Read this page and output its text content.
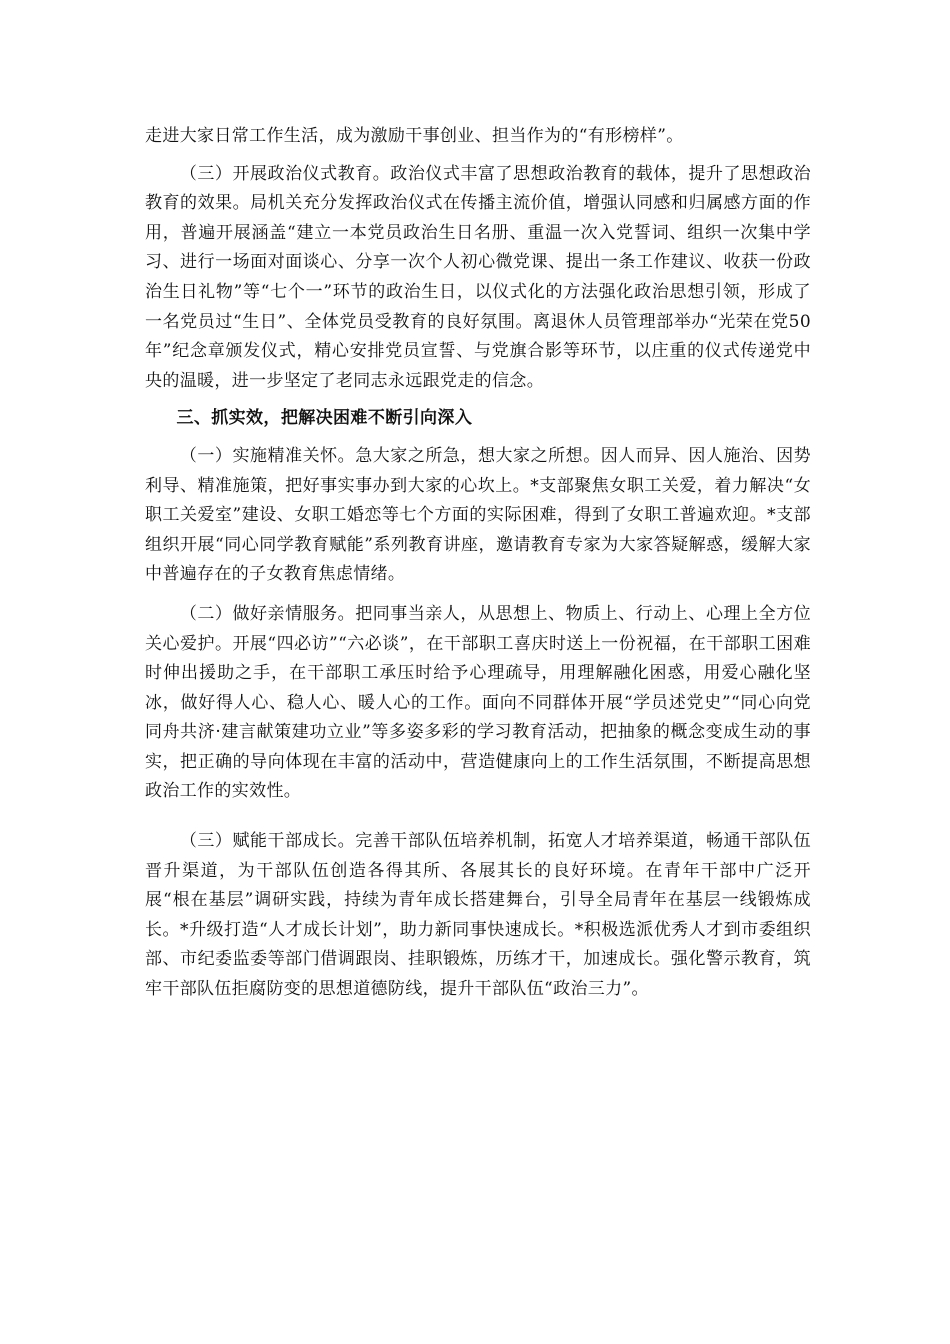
走进大家日常工作生活，成为激励干事创业、担当作为的“有形榜样”。

（三）开展政治仪式教育。政治仪式丰富了思想政治教育的载体，提升了思想政治教育的效果。局机关充分发挥政治仪式在传播主流价值，增强认同感和归属感方面的作用，普遍开展涵盖“建立一本党员政治生日名册、重温一次入党誓词、组织一次集中学习、进行一场面对面谈心、分享一次个人初心微党课、提出一条工作建议、收获一份政治生日礼物”等“七个一”环节的政治生日，以仪式化的方法强化政治思想引领，形成了一名党员过“生日”、全体党员受教育的良好氛围。离退休人员管理部举办“光荣在党50年”纪念章颁发仪式，精心安排党员宣誓、与党旗合影等环节，以庄重的仪式传递党中央的温暖，进一步坚定了老同志永远跟党走的信念。

三、抓实效，把解决困难不断引向深入

（一）实施精准关怀。急大家之所急，想大家之所想。因人而异、因人施治、因势利导、精准施策，把好事实事办到大家的心坎上。*支部聚焦女职工关爱，着力解决“女职工关爱室”建设、女职工婚恋等七个方面的实际困难，得到了女职工普遍欢迎。*支部组织开展“同心同学教育赋能”系列教育讲座，邀请教育专家为大家答疑解惑，缓解大家中普遍存在的子女教育焦虑情绪。

（二）做好亲情服务。把同事当亲人，从思想上、物质上、行动上、心理上全方位关心爱护。开展“四必访”“六必谈”，在干部职工喜庆时送上一份祝福，在干部职工困难时伸出援助之手，在干部职工承压时给予心理疏导，用理解融化困惑，用爱心融化坚冰，做好得人心、稳人心、暖人心的工作。面向不同群体开展“学员述党史”“同心向党同舟共济·建言献策建功立业”等多姿多彩的学习教育活动，把抽象的概念变成生动的事实，把正确的导向体现在丰富的活动中，营造健康向上的工作生活氛围，不断提高思想政治工作的实效性。

（三）赋能干部成长。完善干部队伍培养机制，拓宽人才培养渠道，畅通干部队伍晋升渠道，为干部队伍创造各得其所、各展其长的良好环境。在青年干部中广泛开展“根在基层”调研实践，持续为青年成长搭建舞台，引导全局青年在基层一线锻炼成长。*升级打造“人才成长计划”，助力新同事快速成长。*积极选派优秀人才到市委组织部、市纪委监委等部门借调跟岗、挂职锻炼，历练才干，加速成长。强化警示教育，筑牢干部队伍拒腐防变的思想道德防线，提升干部队伍“政治三力”。
